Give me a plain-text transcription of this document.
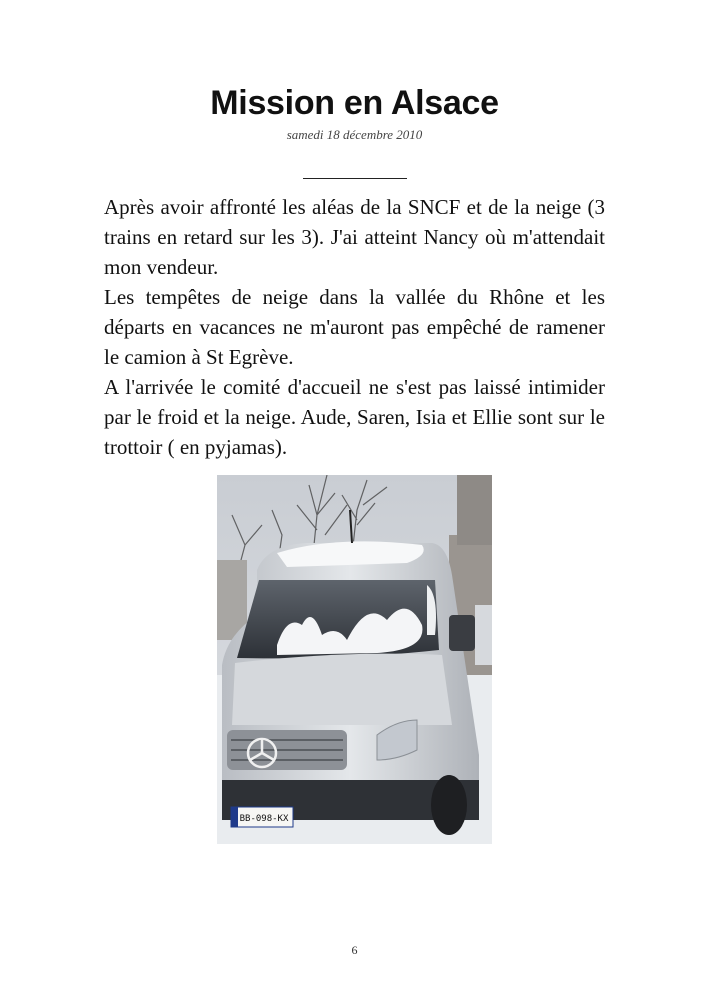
Mission en Alsace
samedi 18 décembre 2010

Après avoir affronté les aléas de la SNCF et de la neige (3 trains en retard sur les 3). J'ai atteint Nancy où m'attendait mon vendeur.

Les tempêtes de neige dans la vallée du Rhône et les départs en vacances ne m'auront pas empêché de ramener le camion à St Egrève.

A l'arrivée le comité d'accueil ne s'est pas laissé intimider par le froid et la neige. Aude, Saren, Isia et Ellie sont sur le trottoir ( en pyjamas).

BB-098-KX
6
